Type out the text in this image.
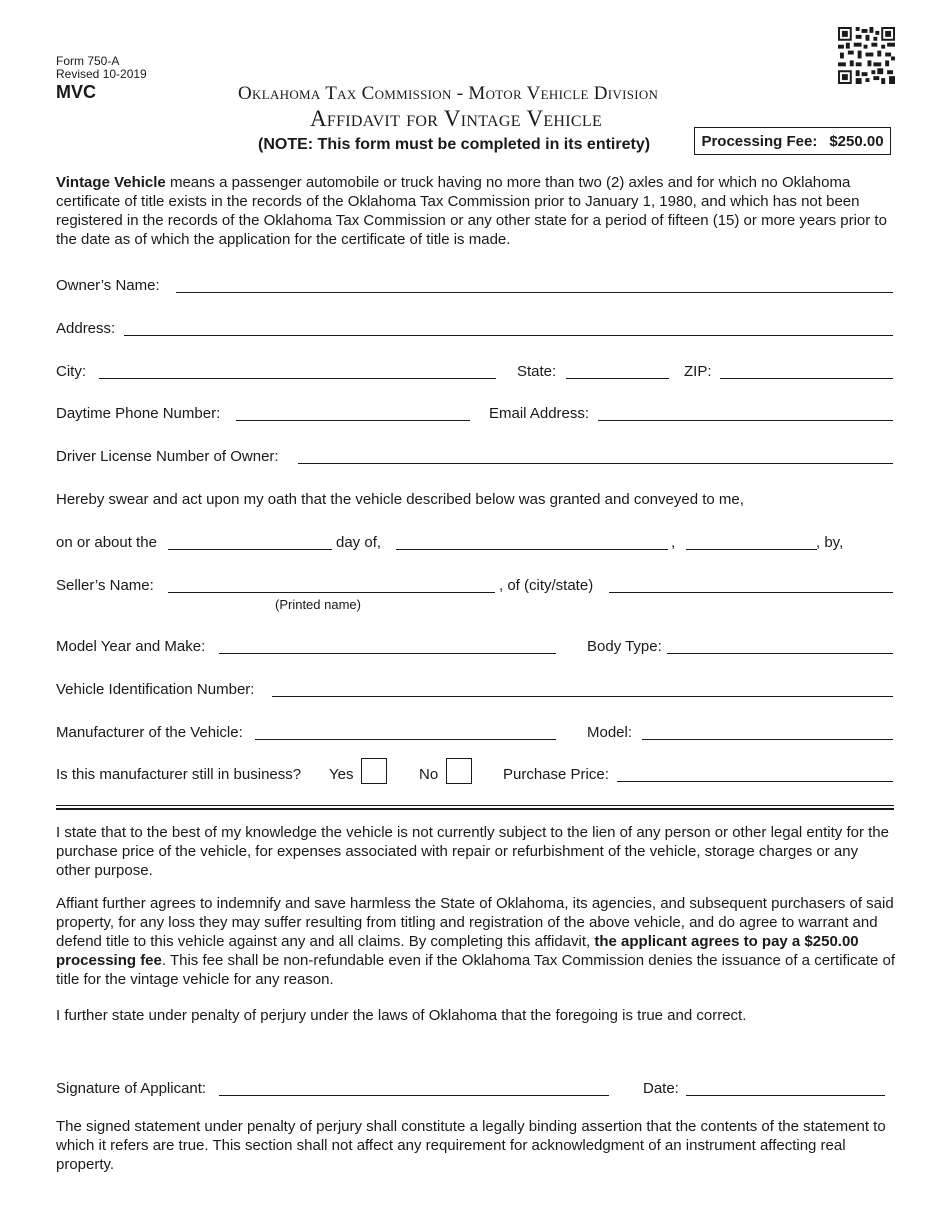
Form 750-A
Revised 10-2019
MVC	Oklahoma Tax Commission - Motor Vehicle Division
Affidavit for Vintage Vehicle
(NOTE: This form must be completed in its entirety)	Processing Fee: $250.00
Vintage Vehicle means a passenger automobile or truck having no more than two (2) axles and for which no Oklahoma certificate of title exists in the records of the Oklahoma Tax Commission prior to January 1, 1980, and which has not been registered in the records of the Oklahoma Tax Commission or any other state for a period of fifteen (15) or more years prior to the date as of which the application for the certificate of title is made.
Owner’s Name:
Address:
City:	State:	ZIP:
Daytime Phone Number:	Email Address:
Driver License Number of Owner:
Hereby swear and act upon my oath that the vehicle described below was granted and conveyed to me,
on or about the	day of,	,	, by,
Seller’s Name:	, of (city/state)
(Printed name)
Model Year and Make:	Body Type:
Vehicle Identification Number:
Manufacturer of the Vehicle:	Model:
Is this manufacturer still in business? Yes	No	Purchase Price:
I state that to the best of my knowledge the vehicle is not currently subject to the lien of any person or other legal entity for the purchase price of the vehicle, for expenses associated with repair or refurbishment of the vehicle, storage charges or any other purpose.
Affiant further agrees to indemnify and save harmless the State of Oklahoma, its agencies, and subsequent purchasers of said property, for any loss they may suffer resulting from titling and registration of the above vehicle, and do agree to warrant and defend title to this vehicle against any and all claims. By completing this affidavit, the applicant agrees to pay a $250.00 processing fee. This fee shall be non-refundable even if the Oklahoma Tax Commission denies the issuance of a certificate of title for the vintage vehicle for any reason.
I further state under penalty of perjury under the laws of Oklahoma that the foregoing is true and correct.
Signature of Applicant:	Date:
The signed statement under penalty of perjury shall constitute a legally binding assertion that the contents of the statement to which it refers are true. This section shall not affect any requirement for acknowledgment of an instrument affecting real property.
